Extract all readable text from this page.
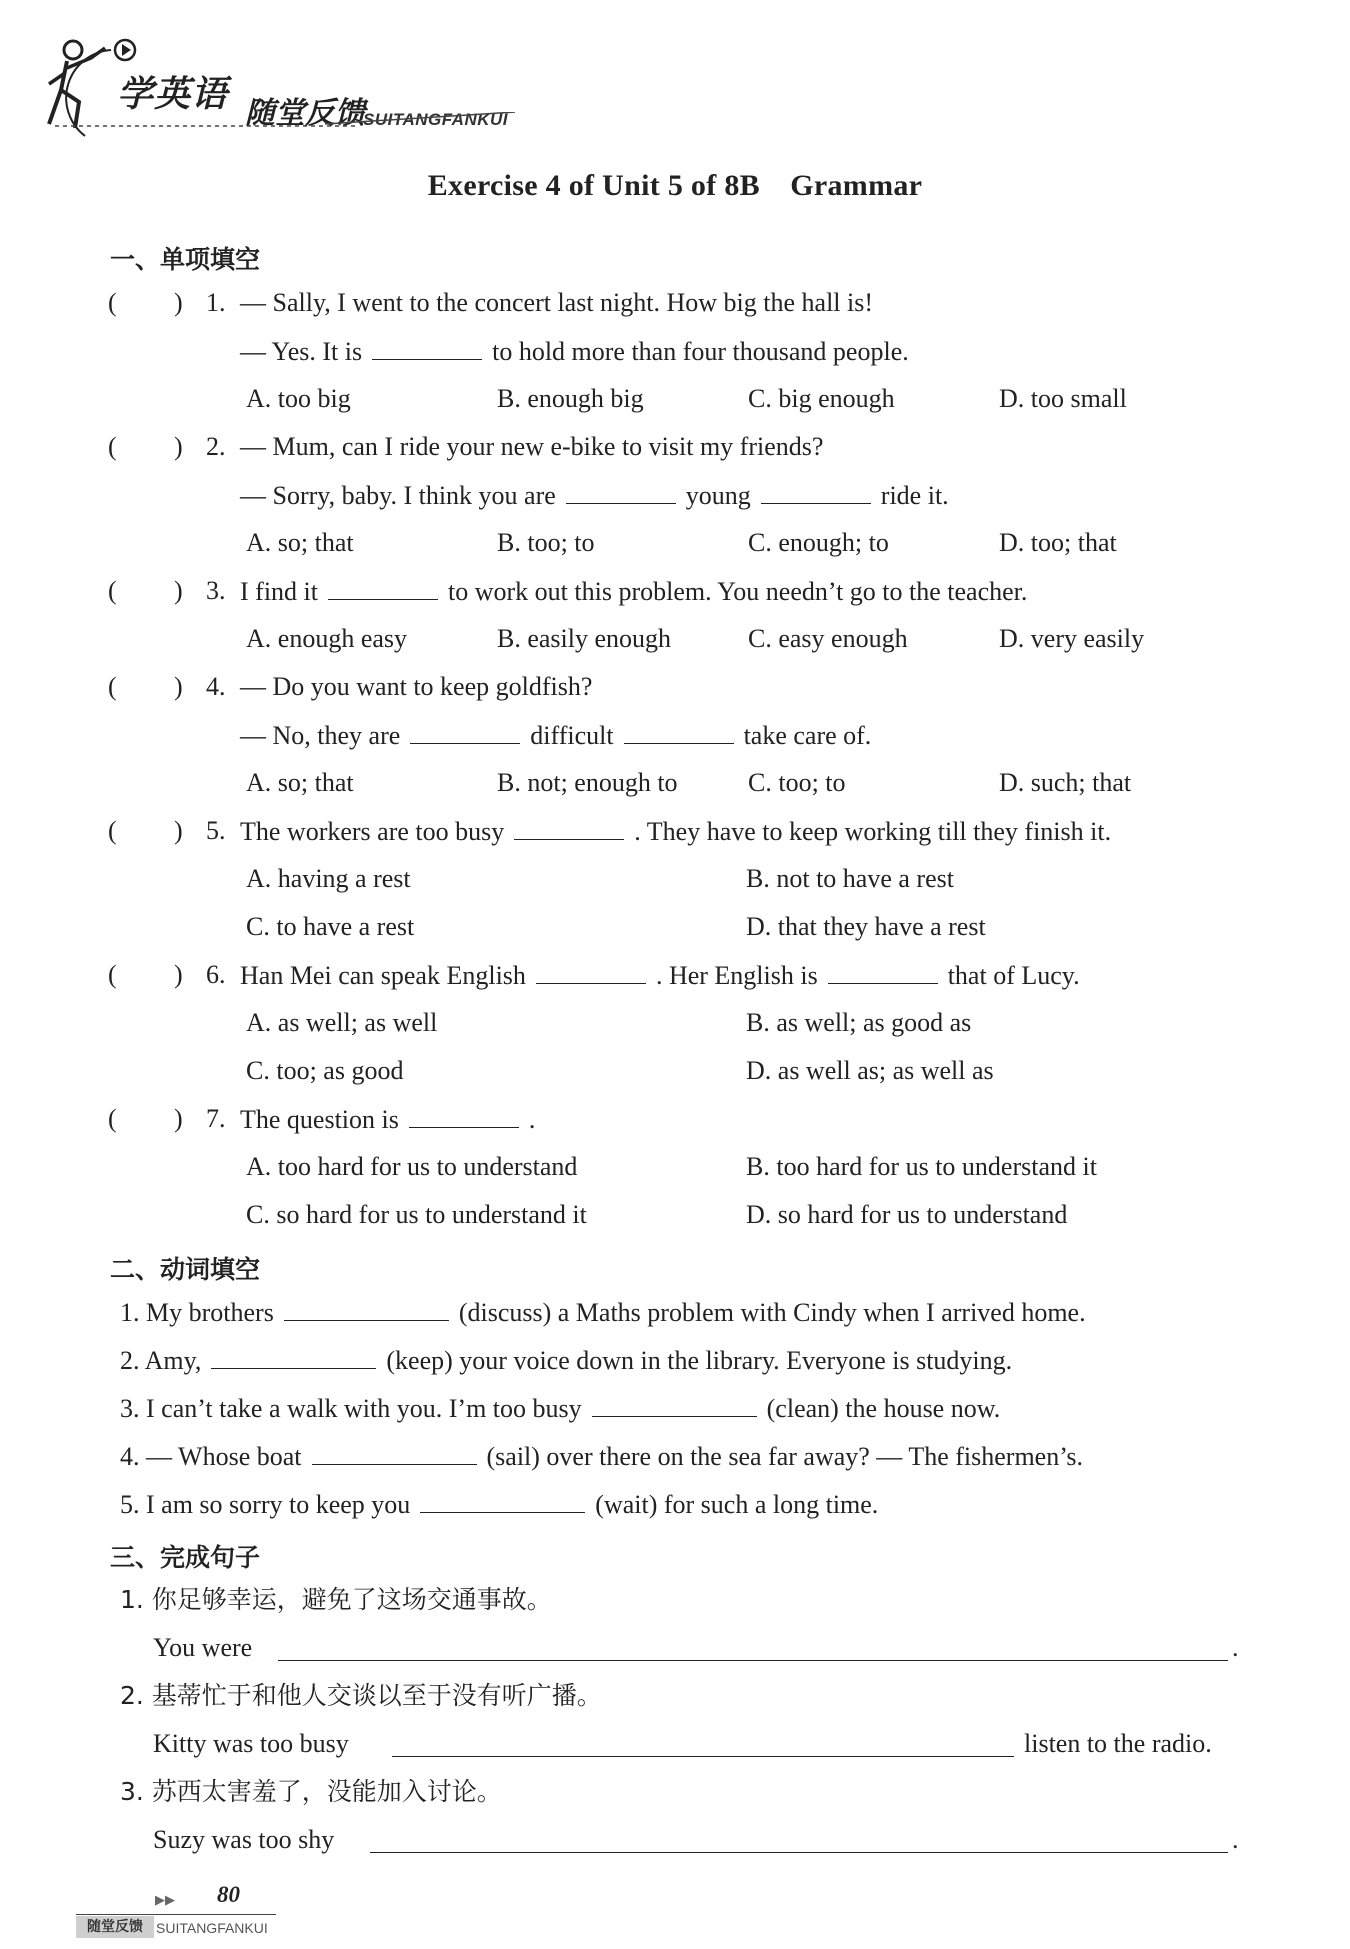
学英语 随堂反馈
SUITANGFANKUI
Exercise 4 of Unit 5 of 8B　Grammar
一、单项填空
( ) 1. — Sally, I went to the concert last night. How big the hall is!
— Yes. It is	to hold more than four thousand people.
A. too big	B. enough big	C. big enough	D. too small
( ) 2. — Mum, can I ride your new e-bike to visit my friends?
— Sorry, baby. I think you are	young	ride it.
A. so; that	B. too; to	C. enough; to	D. too; that
( ) 3. I find it	to work out this problem. You needn’t go to the teacher.
A. enough easy	B. easily enough	C. easy enough	D. very easily
( ) 4. — Do you want to keep goldfish?
— No, they are	difficult	take care of.
A. so; that	B. not; enough to	C. too; to	D. such; that
( ) 5. The workers are too busy	. They have to keep working till they finish it.
A. having a rest	B. not to have a rest
C. to have a rest	D. that they have a rest
( ) 6. Han Mei can speak English	. Her English is	that of Lucy.
A. as well; as well	B. as well; as good as
C. too; as good	D. as well as; as well as
( ) 7. The question is	.
A. too hard for us to understand	B. too hard for us to understand it
C. so hard for us to understand it	D. so hard for us to understand
二、动词填空
1. My brothers	(discuss) a Maths problem with Cindy when I arrived home.
2. Amy,	(keep) your voice down in the library. Everyone is studying.
3. I can’t take a walk with you. I’m too busy	(clean) the house now.
4. — Whose boat	(sail) over there on the sea far away? — The fishermen’s.
5. I am so sorry to keep you	(wait) for such a long time.
三、完成句子
1. 你足够幸运，避免了这场交通事故。
You were	.
2. 基蒂忙于和他人交谈以至于没有听广播。
Kitty was too busy	listen to the radio.
3. 苏西太害羞了，没能加入讨论。
Suzy was too shy	.
▶▶ 80
随堂反馈 SUITANGFANKUI
